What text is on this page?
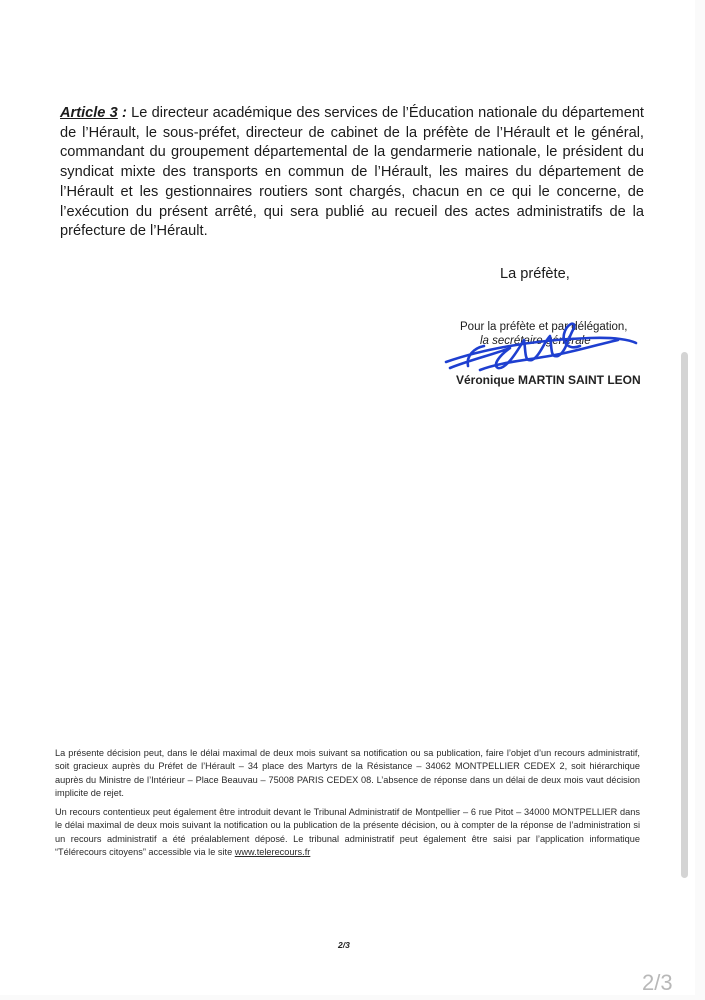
Article 3 : Le directeur académique des services de l’Éducation nationale du département de l’Hérault, le sous-préfet, directeur de cabinet de la préfète de l’Hérault et le général, commandant du groupement départemental de la gendarmerie nationale, le président du syndicat mixte des transports en commun de l’Hérault, les maires du département de l’Hérault et les gestionnaires routiers sont chargés, chacun en ce qui le concerne, de l’exécution du présent arrêté, qui sera publié au recueil des actes administratifs de la préfecture de l’Hérault.
La préfète,
Pour la préfète et par délégation,
la secrétaire générale
Véronique MARTIN SAINT LEON

La présente décision peut, dans le délai maximal de deux mois suivant sa notification ou sa publication, faire l’objet d’un recours administratif, soit gracieux auprès du Préfet de l’Hérault – 34 place des Martyrs de la Résistance – 34062 MONTPELLIER CEDEX 2, soit hiérarchique auprès du Ministre de l’Intérieur – Place Beauvau – 75008 PARIS CEDEX 08. L’absence de réponse dans un délai de deux mois vaut décision implicite de rejet.

Un recours contentieux peut également être introduit devant le Tribunal Administratif de Montpellier – 6 rue Pitot – 34000 MONTPELLIER dans le délai maximal de deux mois suivant la notification ou la publication de la présente décision, ou à compter de la réponse de l’administration si un recours administratif a été préalablement déposé. Le tribunal administratif peut également être saisi par l’application informatique “Télérecours citoyens” accessible via le site www.telerecours.fr

2/3
2/3
